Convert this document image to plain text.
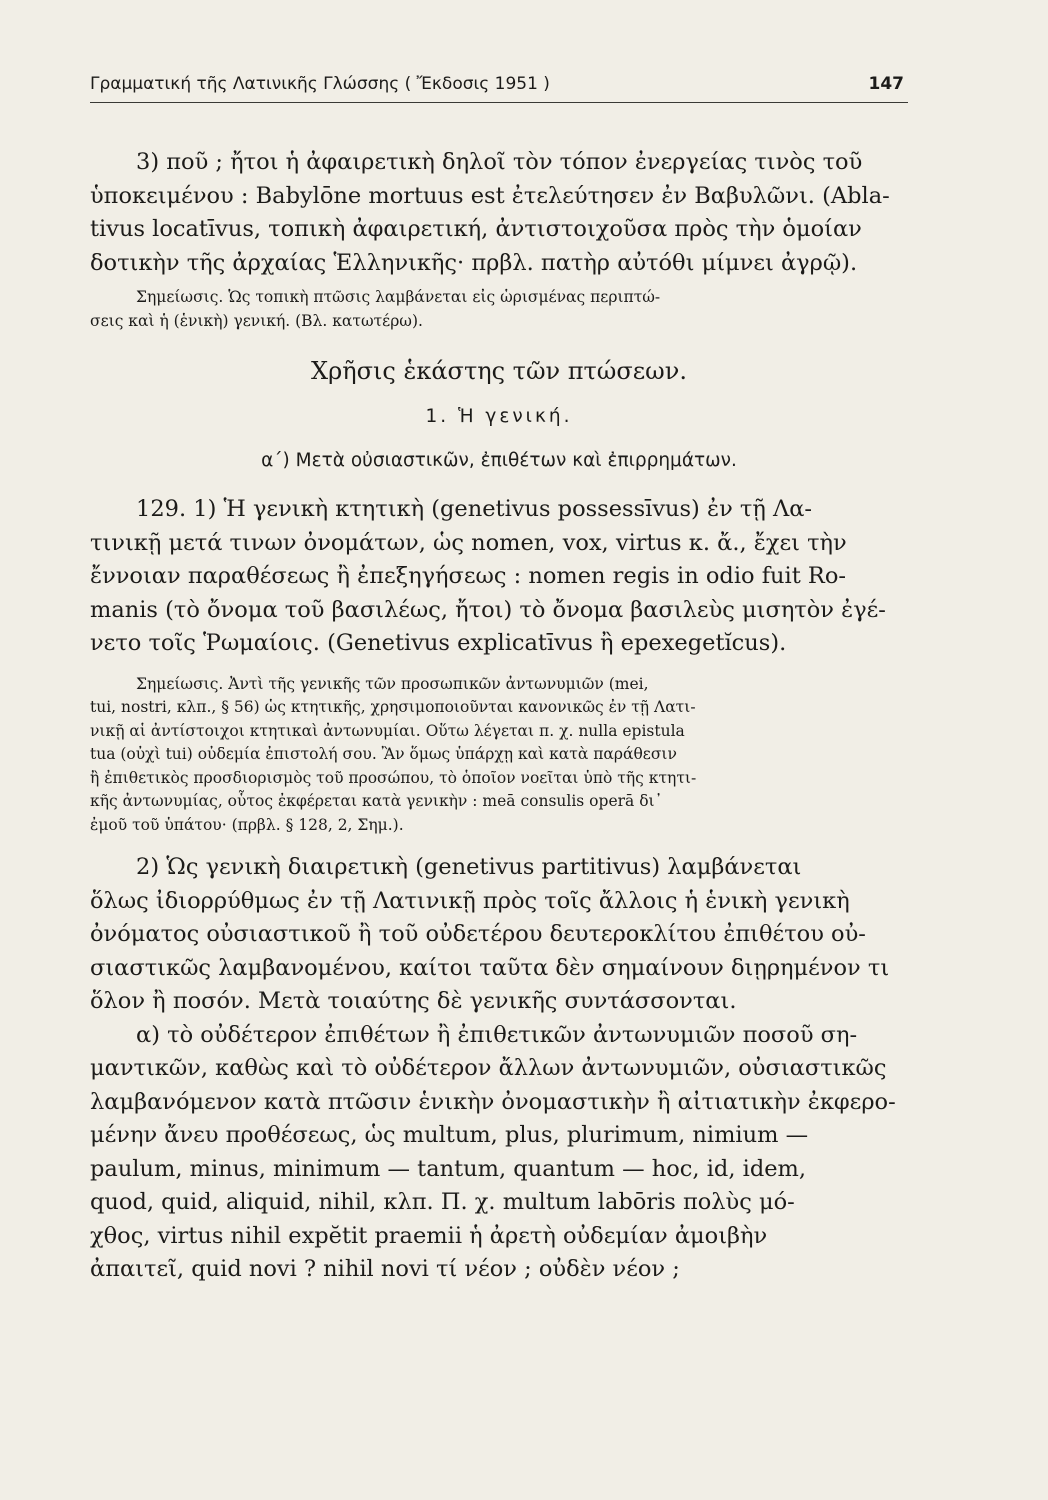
Γραμματική τῆς Λατινικῆς Γλώσσης ( Ἔκδοσις 1951 )	147
3) ποῦ ; ἤτοι ἡ ἀφαιρετικὴ δηλοῖ τὸν τόπον ἐνεργείας τινὸς τοῦ
ὑποκειμένου : Babylōne mortuus est ἐτελεύτησεν ἐν Βαβυλῶνι. (Abla-
tivus locatīvus, τοπικὴ ἀφαιρετική, ἀντιστοιχοῦσα πρὸς τὴν ὁμοίαν
δοτικὴν τῆς ἀρχαίας Ἑλληνικῆς· πρβλ. πατὴρ αὐτόθι μίμνει ἀγρῷ).
Σημείωσις. Ὡς τοπικὴ πτῶσις λαμβάνεται εἰς ὡρισμένας περιπτώ-
σεις καὶ ἡ (ἑνικὴ) γενική. (Βλ. κατωτέρω).
Χρῆσις ἑκάστης τῶν πτώσεων.
1. Ἡ γενική.
α΄) Μετὰ οὐσιαστικῶν, ἐπιθέτων καὶ ἐπιρρημάτων.
129. 1) Ἡ γενικὴ κτητικὴ (genetivus possessīvus) ἐν τῇ Λα-
τινικῇ μετά τινων ὀνομάτων, ὡς nomen, vox, virtus κ. ἄ., ἔχει τὴν
ἔννοιαν παραθέσεως ἢ ἐπεξηγήσεως : nomen regis in odio fuit Ro-
manis (τὸ ὄνομα τοῦ βασιλέως, ἤτοι) τὸ ὄνομα βασιλεὺς μισητὸν ἐγέ-
νετο τοῖς Ῥωμαίοις. (Genetivus explicatīvus ἢ epexegetĭcus).
Σημείωσις. Ἀντὶ τῆς γενικῆς τῶν προσωπικῶν ἀντωνυμιῶν (mei,
tui, nostri, κλπ., § 56) ὡς κτητικῆς, χρησιμοποιοῦνται κανονικῶς ἐν τῇ Λατι-
νικῇ αἱ ἀντίστοιχοι κτητικαὶ ἀντωνυμίαι. Οὕτω λέγεται π. χ. nulla epistula
tua (οὐχὶ tui) οὐδεμία ἐπιστολή σου. Ἂν ὅμως ὑπάρχῃ καὶ κατὰ παράθεσιν
ἢ ἐπιθετικὸς προσδιορισμὸς τοῦ προσώπου, τὸ ὁποῖον νοεῖται ὑπὸ τῆς κτητι-
κῆς ἀντωνυμίας, οὗτος ἐκφέρεται κατὰ γενικὴν : meā consulis operā δι᾿
ἐμοῦ τοῦ ὑπάτου· (πρβλ. § 128, 2, Σημ.).
2) Ὡς γενικὴ διαιρετικὴ (genetivus partitivus) λαμβάνεται
ὅλως ἰδιορρύθμως ἐν τῇ Λατινικῇ πρὸς τοῖς ἄλλοις ἡ ἑνικὴ γενικὴ
ὀνόματος οὐσιαστικοῦ ἢ τοῦ οὐδετέρου δευτεροκλίτου ἐπιθέτου οὐ-
σιαστικῶς λαμβανομένου, καίτοι ταῦτα δὲν σημαίνουν διῃρημένον τι
ὅλον ἢ ποσόν. Μετὰ τοιαύτης δὲ γενικῆς συντάσσονται.
α) τὸ οὐδέτερον ἐπιθέτων ἢ ἐπιθετικῶν ἀντωνυμιῶν ποσοῦ ση-
μαντικῶν, καθὼς καὶ τὸ οὐδέτερον ἄλλων ἀντωνυμιῶν, οὐσιαστικῶς
λαμβανόμενον κατὰ πτῶσιν ἑνικὴν ὀνομαστικὴν ἢ αἰτιατικὴν ἐκφερο-
μένην ἄνευ προθέσεως, ὡς multum, plus, plurimum, nimium —
paulum, minus, minimum — tantum, quantum — hoc, id, idem,
quod, quid, aliquid, nihil, κλπ. Π. χ. multum labōris πολὺς μό-
χθος, virtus nihil expĕtit praemii ἡ ἀρετὴ οὐδεμίαν ἀμοιβὴν
ἀπαιτεῖ, quid novi ? nihil novi τί νέον ; οὐδὲν νέον ;
